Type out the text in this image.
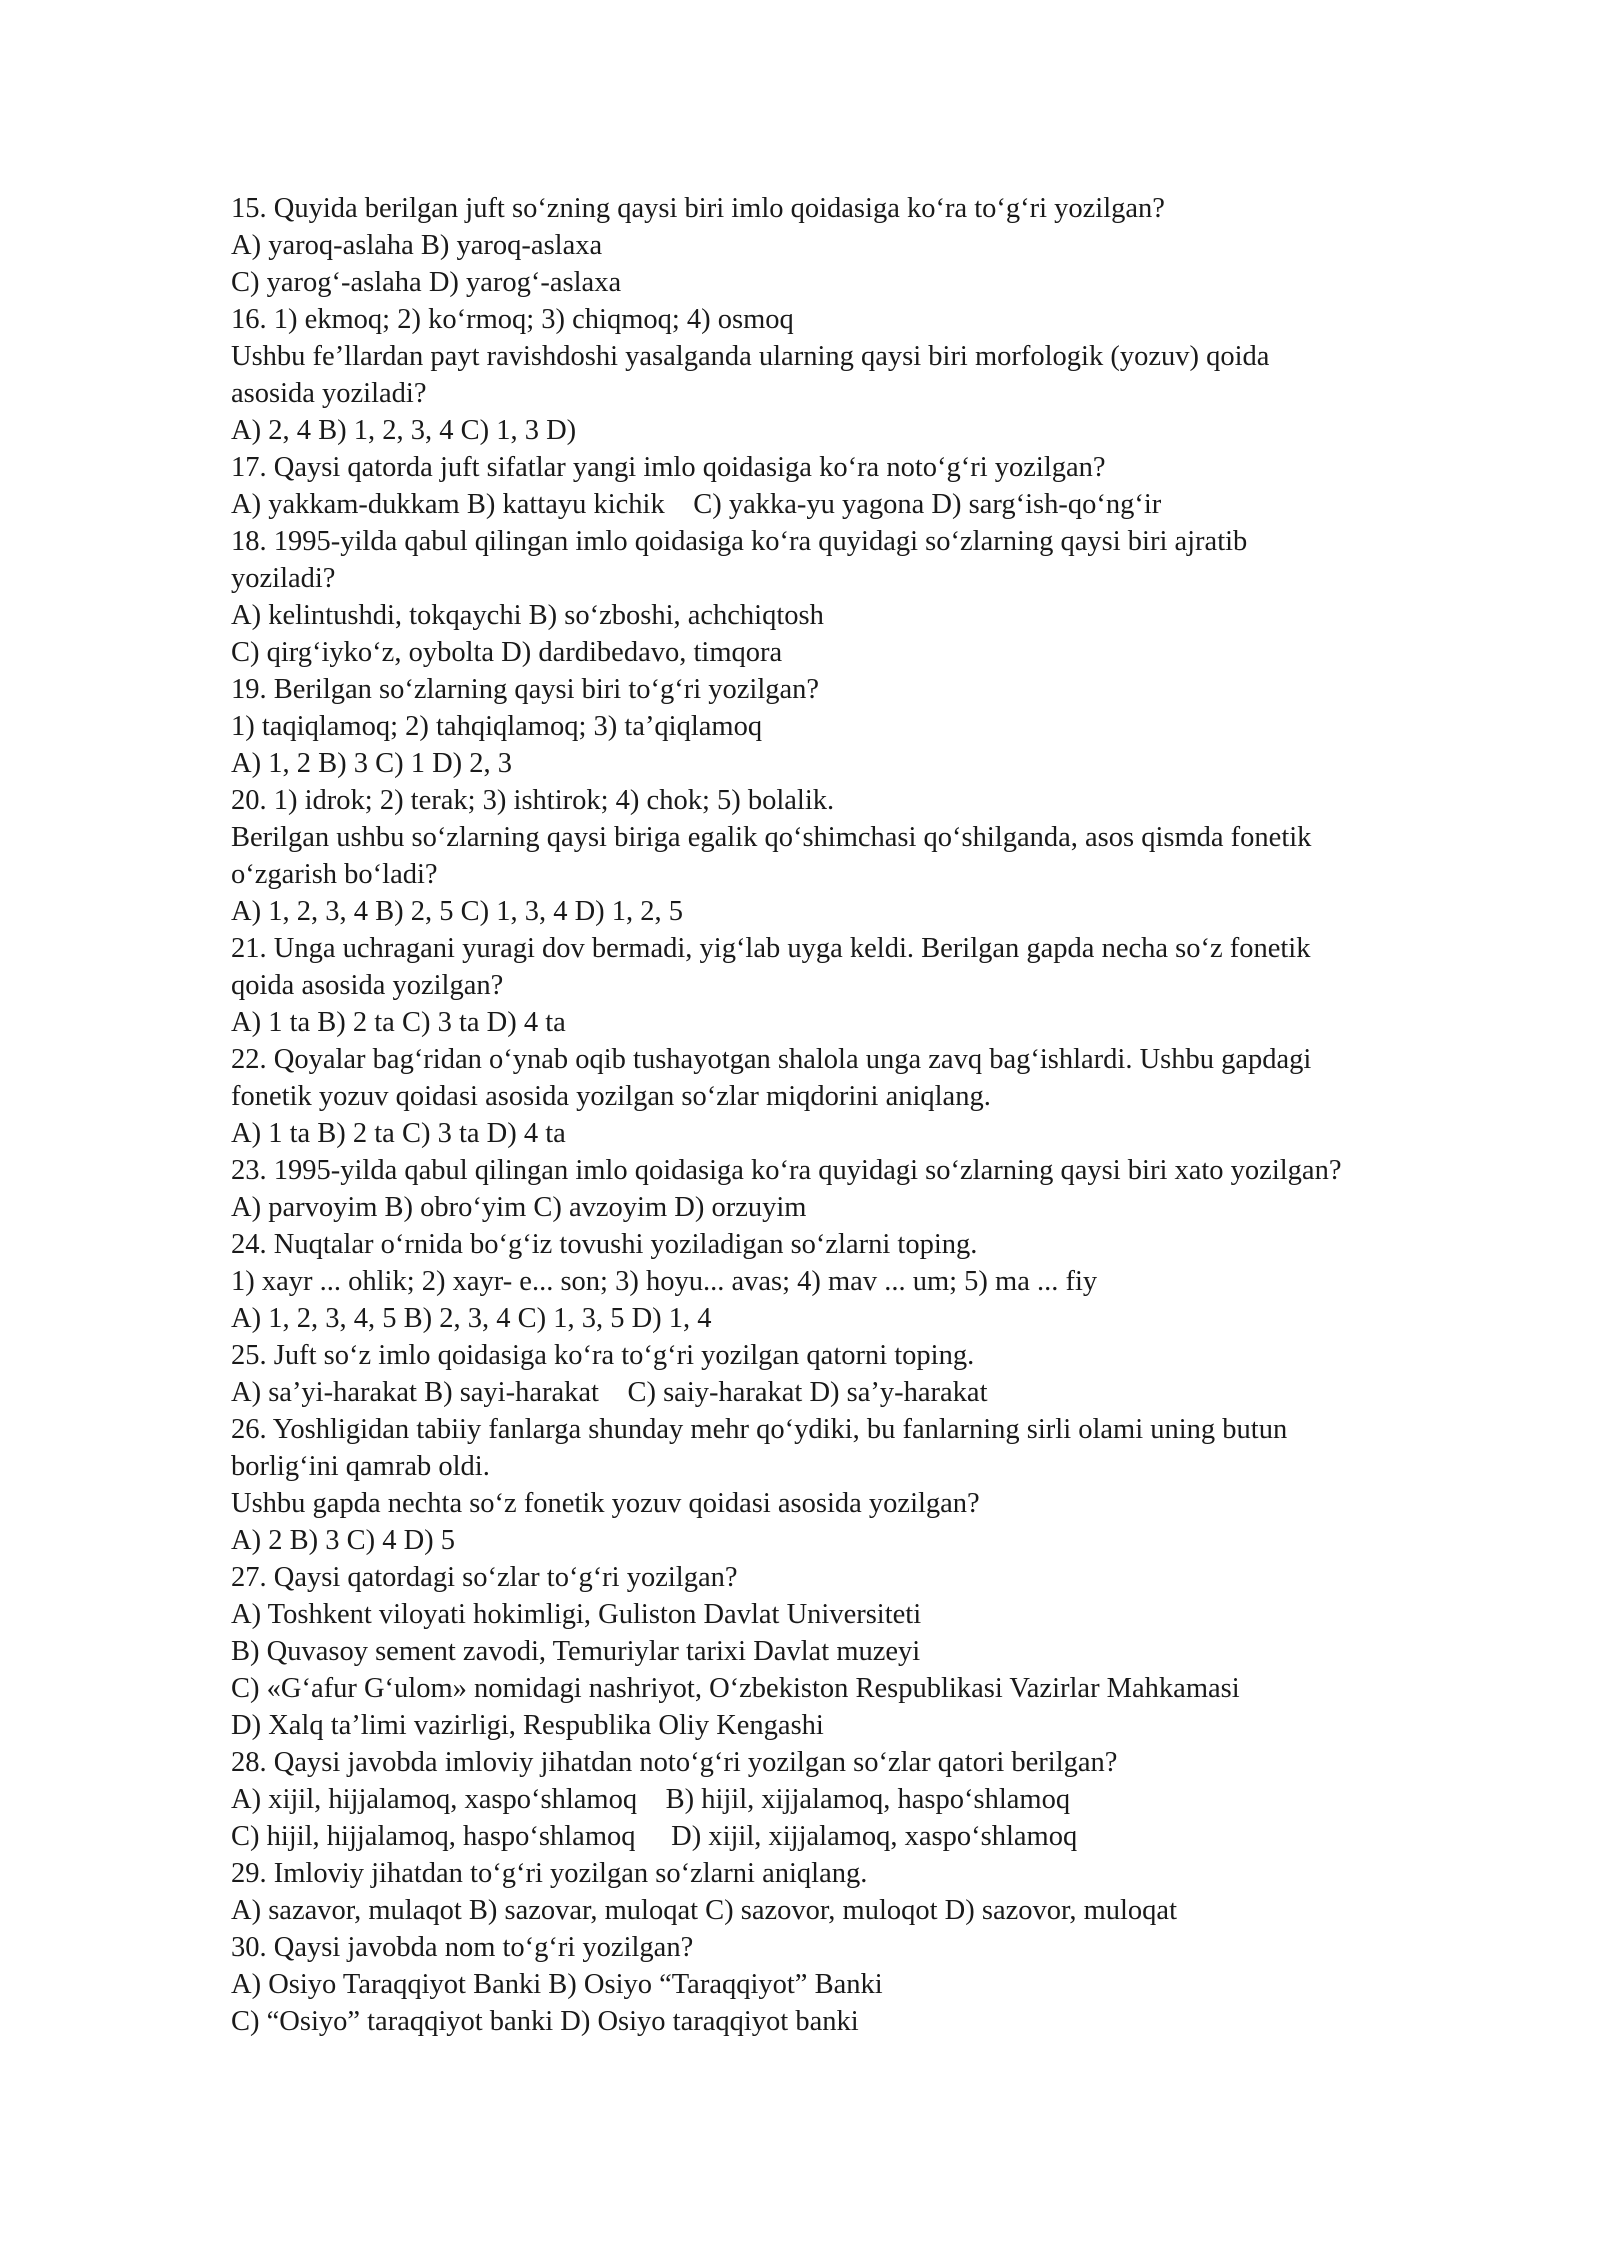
15. Quyida berilgan juft so‘zning qaysi biri imlo qoidasiga ko‘ra to‘g‘ri yozilgan?
A) yaroq-aslaha B) yaroq-aslaxa
C) yarog‘-aslaha D) yarog‘-aslaxa
16. 1) ekmoq; 2) ko‘rmoq; 3) chiqmoq; 4) osmoq
Ushbu fe’llardan payt ravishdoshi yasalganda ularning qaysi biri morfologik (yozuv) qoida
asosida yoziladi?
A) 2, 4 B) 1, 2, 3, 4 C) 1, 3 D)
17. Qaysi qatorda juft sifatlar yangi imlo qoidasiga ko‘ra noto‘g‘ri yozilgan?
A) yakkam-dukkam B) kattayu kichik    C) yakka-yu yagona D) sarg‘ish-qo‘ng‘ir
18. 1995-yilda qabul qilingan imlo qoidasiga ko‘ra quyidagi so‘zlarning qaysi biri ajratib
yoziladi?
A) kelintushdi, tokqaychi B) so‘zboshi, achchiqtosh
C) qirg‘iyko‘z, oybolta D) dardibedavo, timqora
19. Berilgan so‘zlarning qaysi biri to‘g‘ri yozilgan?
1) taqiqlamoq; 2) tahqiqlamoq; 3) ta’qiqlamoq
A) 1, 2 B) 3 C) 1 D) 2, 3
20. 1) idrok; 2) terak; 3) ishtirok; 4) chok; 5) bolalik.
Berilgan ushbu so‘zlarning qaysi biriga egalik qo‘shimchasi qo‘shilganda, asos qismda fonetik
o‘zgarish bo‘ladi?
A) 1, 2, 3, 4 B) 2, 5 C) 1, 3, 4 D) 1, 2, 5
21. Unga uchragani yuragi dov bermadi, yig‘lab uyga keldi. Berilgan gapda necha so‘z fonetik
qoida asosida yozilgan?
A) 1 ta B) 2 ta C) 3 ta D) 4 ta
22. Qoyalar bag‘ridan o‘ynab oqib tushayotgan shalola unga zavq bag‘ishlardi. Ushbu gapdagi
fonetik yozuv qoidasi asosida yozilgan so‘zlar miqdorini aniqlang.
A) 1 ta B) 2 ta C) 3 ta D) 4 ta
23. 1995-yilda qabul qilingan imlo qoidasiga ko‘ra quyidagi so‘zlarning qaysi biri xato yozilgan?
A) parvoyim B) obro‘yim C) avzoyim D) orzuyim
24. Nuqtalar o‘rnida bo‘g‘iz tovushi yoziladigan so‘zlarni toping.
1) xayr ... ohlik; 2) xayr- e... son; 3) hoyu... avas; 4) mav ... um; 5) ma ... fiy
A) 1, 2, 3, 4, 5 B) 2, 3, 4 C) 1, 3, 5 D) 1, 4
25. Juft so‘z imlo qoidasiga ko‘ra to‘g‘ri yozilgan qatorni toping.
A) sa’yi-harakat B) sayi-harakat    C) saiy-harakat D) sa’y-harakat
26. Yoshligidan tabiiy fanlarga shunday mehr qo‘ydiki, bu fanlarning sirli olami uning butun
borlig‘ini qamrab oldi.
Ushbu gapda nechta so‘z fonetik yozuv qoidasi asosida yozilgan?
A) 2 B) 3 C) 4 D) 5
27. Qaysi qatordagi so‘zlar to‘g‘ri yozilgan?
A) Toshkent viloyati hokimligi, Guliston Davlat Universiteti
B) Quvasoy sement zavodi, Temuriylar tarixi Davlat muzeyi
C) «G‘afur G‘ulom» nomidagi nashriyot, O‘zbekiston Respublikasi Vazirlar Mahkamasi
D) Xalq ta’limi vazirligi, Respublika Oliy Kengashi
28. Qaysi javobda imloviy jihatdan noto‘g‘ri yozilgan so‘zlar qatori berilgan?
A) xijil, hijjalamoq, xaspo‘shlamoq    B) hijil, xijjalamoq, haspo‘shlamoq
C) hijil, hijjalamoq, haspo‘shlamoq     D) xijil, xijjalamoq, xaspo‘shlamoq
29. Imloviy jihatdan to‘g‘ri yozilgan so‘zlarni aniqlang.
A) sazavor, mulaqot B) sazovar, muloqat C) sazovor, muloqot D) sazovor, muloqat
30. Qaysi javobda nom to‘g‘ri yozilgan?
A) Osiyo Taraqqiyot Banki B) Osiyo “Taraqqiyot” Banki
C) “Osiyo” taraqqiyot banki D) Osiyo taraqqiyot banki
